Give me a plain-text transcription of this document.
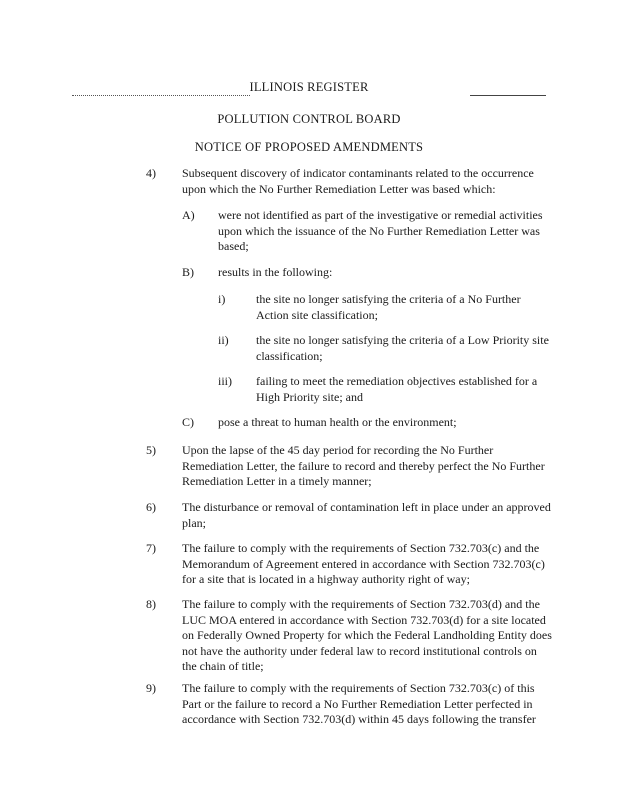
ILLINOIS REGISTER
POLLUTION CONTROL BOARD
NOTICE OF PROPOSED AMENDMENTS
4) Subsequent discovery of indicator contaminants related to the occurrence upon which the No Further Remediation Letter was based which:
A) were not identified as part of the investigative or remedial activities upon which the issuance of the No Further Remediation Letter was based;
B) results in the following:
i)	the site no longer satisfying the criteria of a No Further Action site classification;
ii) the site no longer satisfying the criteria of a Low Priority site classification;
iii) failing to meet the remediation objectives established for a High Priority site; and
C) pose a threat to human health or the environment;
5) Upon the lapse of the 45 day period for recording the No Further Remediation Letter, the failure to record and thereby perfect the No Further Remediation Letter in a timely manner;
6) The disturbance or removal of contamination left in place under an approved plan;
7) The failure to comply with the requirements of Section 732.703(c) and the Memorandum of Agreement entered in accordance with Section 732.703(c) for a site that is located in a highway authority right of way;
8) The failure to comply with the requirements of Section 732.703(d) and the LUC MOA entered in accordance with Section 732.703(d) for a site located on Federally Owned Property for which the Federal Landholding Entity does not have the authority under federal law to record institutional controls on the chain of title;
9) The failure to comply with the requirements of Section 732.703(c) of this Part or the failure to record a No Further Remediation Letter perfected in accordance with Section 732.703(d) within 45 days following the transfer
